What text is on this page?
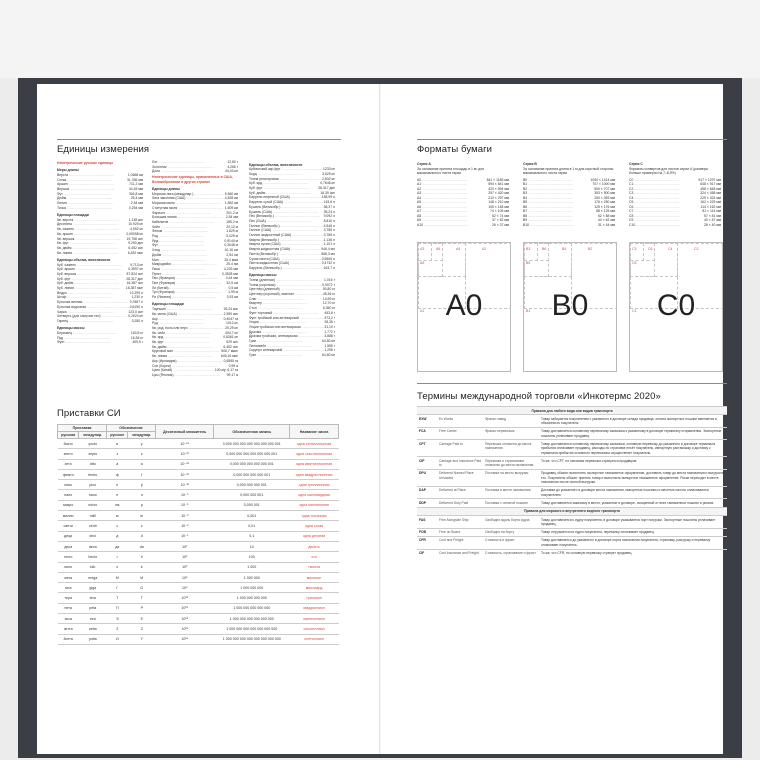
Единицы измерения
Неметрические русские единицы
Меры длины
Верста .....	1,0668 км
Сотка .....	31,336 мм
Аршин .....	711,2 мм
Вершок .....	44,45 мм
Фут .....	304,8 мм
Дюйм .....	25,4 мм
Линия .....	2,54 мм
Точка .....	0,254 мм
Единицы площади
Кв. верста .....	1,138 км²
Десятина .....	10,925 м²
Кв. сажень .....	4,552 м²
Кв. аршин .....	0,05058 м²
Кв. вершок .....	19,758 см²
Кв. фут .....	9,290 дм²
Кв. дюйм .....	6,452 см²
Кв. линия .....	6,452 мм²
Единицы объема, вместимости
Куб. сажень .....	9,713 м³
Куб. аршин .....	0,3597 м³
Куб. вершок .....	87,824 см³
Куб. фут .....	28,317 дм³
Куб. дюйм .....	16,387 см³
Куб. линия .....	16,387 мм³
Ведро .....	12,299 л
Штоф .....	1,230 л
Бутылка винная .....	0,7687 л
Бутылка водочная .....	0,6150 л
Чарка .....	123,0 см³
Четверть (для сыпучих тел) .....	0,2624 м³
Гарнец .....	3,280 л
Единицы массы
Берковец .....	163,8 кг
Пуд .....	16,38 кг
Фунт .....	409,5 г
Лот .....	12,80 г
Золотник .....	4,266 г
Доля .....	44,43 мг
Неметрические единицы, применяемые в США, Великобритании и других странах
Единицы длины
Морская лига (междунар.) .....	5,560 км
Лига законная (США) .....	4,828 км
Морская миля .....	1,852 км
Статутная миля .....	1,609 км
Фарлонг .....	201,2 м
Большая линия .....	2,54 мм
Кабельтов .....	185,2 м
Чейн .....	20,12 м
Фатом .....	1,829 м
Род .....	5,029 м
Ярд .....	0,9144 м
Фут .....	0,3048 м
Хэнд .....	10,16 см
Дюйм .....	2,54 см
Мил .....	25,4 мкм
Микродюйм .....	25,4 нм
Пика .....	4,233 мм
Пункт .....	0,3528 мм
Пик (Франция) .....	4,44 мм
Пие (Франция) .....	32,5 см
Ли (Китай) .....	0,5 км
Тун (Франция) .....	1,99 м
Ри (Япония) .....	3,93 км
Единицы площади
Тауншип .....	93,24 км²
Кв. миля (США) .....	2,590 км²
Акр .....	0,4047 га
Руд .....	1012 м²
Кв. род, поль или перч .....	25,29 м²
Кв. чейн .....	404,7 м²
Кв. ярд .....	0,8361 м²
Кв. фут .....	929 см²
Кв. дюйм .....	6,452 см²
Круговой мил .....	506,7 мкм²
Кв. линия .....	645,16 мм²
Акр (Ирландия) .....	0,6555 га
Сон (Корея) .....	0,99 а
Цзин (Китай) .....	100 му; 6,17 га
Цзы (Япония) .....	99,17 а
Единицы объема, вместимости
Кубический акр-фут .....	1233 м³
Корд .....	3,625 м³
Тонна регистровая .....	2,832 м³
Куб. ярд .....	0,7646 м³
Куб. фут .....	28,317 дм³
Куб. дюйм .....	16,39 см³
Баррель нефтяной (США) .....	158,99 л
Баррель сухой (США) .....	115,6 л
Бушель (Великобр.) .....	36,37 л
Бушель (США) .....	35,24 л
Пек (Великобр.) .....	9,092 л
Пек (США) .....	8,810 л
Галлон (Великобр.) .....	4,546 л
Галлон (США) .....	3,785 л
Галлон жидкостный (США) .....	3,785 л
Кварта (Великобр.) .....	1,136 л
Кварта сухая (США) .....	1,101 л
Кварта жидкостная (США) .....	946,4 мл
Пинта (Великобр.) .....	568,3 мл
Сухая пинта (США) .....	0,5506 л
Пинта жидкостная (США) .....	0,4732 л
Баррель (Великобр.) .....	163,7 л
Единицы массы
Тонна (длинная) .....	1,016 т
Тонна (короткая) .....	0,9072 т
Центнер (длинный) .....	50,80 кг
Центнер (короткий), квинтал .....	45,36 кг
Слаг .....	14,59 кг
Квартер .....	12,70 кг
Стон .....	6,350 кг
Фунт торговый .....	453,6 г
Фунт тройский или аптекарский .....	373,2 г
Унция .....	28,35 г
Унция тройская или аптекарская .....	31,10 г
Драхма .....	1,772 г
Драхма тройская, аптекарская .....	3,888 г
Гран .....	64,80 мг
Пеннивейт .....	1,555 г
Скрупул аптекарский .....	1,296 г
Грэн .....	64,80 мг
Приставки СИ
Приставка		Обозначение		Десятичный множитель	Обозначенная запись	Название числа
русская	междунар.	русское	междунар.			
йокто	yocto	и	y	10⁻²⁴	0,000 000 000 000 000 000 000 001	одна септиллионная
зепто	zepto	з	z	10⁻²¹	0,000 000 000 000 000 000 001	одна секстиллионная
атто	atto	а	a	10⁻¹⁸	0,000 000 000 000 000 001	одна квинтиллионная
фемто	femto	ф	f	10⁻¹⁵	0,000 000 000 000 001	одна квадриллионная
пико	pico	п	p	10⁻¹²	0,000 000 000 001	одна триллионная
нано	nano	н	n	10⁻⁹	0,000 000 001	одна миллиардная
микро	micro	мк	µ	10⁻⁶	0,000 001	одна миллионная
милли	milli	м	m	10⁻³	0,001	одна тысячная
санти	centi	с	c	10⁻²	0,01	одна сотая
деци	deci	д	d	10⁻¹	0,1	одна десятая
дека	deca	да	da	10¹	10	десять
гекто	hecto	г	h	10²	100	сто
кило	kilo	к	k	10³	1 000	тысяча
мега	mega	М	M	10⁶	1 000 000	миллион
гига	giga	Г	G	10⁹	1 000 000 000	миллиард
тера	tera	Т	T	10¹²	1 000 000 000 000	триллион
пета	peta	П	P	10¹⁵	1 000 000 000 000 000	квадриллион
экса	exa	Э	E	10¹⁸	1 000 000 000 000 000 000	квинтиллион
зетта	zetta	З	Z	10²¹	1 000 000 000 000 000 000 000	секстиллион
йотта	yotta	И	Y	10²⁴	1 000 000 000 000 000 000 000 000	септиллион
Форматы бумаги
Серия А
За основание принята площадь в 1 м² для максимального листа серии
A0 .....	841 × 1189 мм
A1 .....	594 × 841 мм
A2 .....	420 × 594 мм
A3 .....	297 × 420 мм
A4 .....	210 × 297 мм
A5 .....	148 × 210 мм
A6 .....	105 × 148 мм
A7 .....	74 × 105 мм
A8 .....	52 × 74 мм
A9 .....	37 × 52 мм
A10 .....	26 × 37 мм
A0
A1
A2
A3	A4
A5
A6
Серия В
За основание принята длина в 1 м для короткой стороны максимального листа серии
B0 .....	1000 × 1414 мм
B1 .....	707 × 1000 мм
B2 .....	500 × 707 мм
B3 .....	353 × 500 мм
B4 .....	250 × 353 мм
B5 .....	176 × 250 мм
B6 .....	125 × 176 мм
B7 .....	88 × 125 мм
B8 .....	62 × 88 мм
B9 .....	44 × 62 мм
B10 .....	31 × 44 мм
B0
B1
B2
B3	B4
B5
B6
Серия С
Форматы конвертов для листов серии А (размеры больше примерно на 7–8,5%)
C0 .....	917 × 1297 мм
C1 .....	648 × 917 мм
C2 .....	458 × 648 мм
C3 .....	324 × 458 мм
C4 .....	229 × 324 мм
C5 .....	162 × 229 мм
C6 .....	114 × 162 мм
C7 .....	81 × 114 мм
C8 .....	57 × 81 мм
C9 .....	40 × 57 мм
C10 .....	28 × 40 мм
C0
C1
C2
C3	C4
C5
C6
Термины международной торговли «Инкотермс 2020»
Правила для любого вида или видов транспорта			
EXW	Ex Works	Франко завод	Товар забирается покупателем с указанного в договоре склада продавца, оплата экспортных пошлин вменяется в обязанность покупателя.
FCA	Free Carrier	Франко перевозчик	Товар доставляется основному перевозчику заказчика к указанному в договоре терминалу отправления. Экспортные пошлины уплачивает продавец.
CPT	Carriage Paid to	Перевозка оплачена до места назначения	Товар доставляется основному перевозчику заказчика, основную перевозку до указанного в договоре терминала прибытия оплачивает продавец, расходы по страховке несёт покупатель, импортную растаможку и доставку с терминала прибытия основного перевозчика осуществляет покупатель.
CIP	Carriage and Insurance Paid to	Перевозка и страхование оплачены до места назначения	То же, что CPT, но основная перевозка страхуется продавцом.
DPU	Delivered Named Place Unloaded	Поставка на место выгрузки	Продавец обязан: выполнить экспортное таможенное оформление, доставить товар до места назначения и выгрузить его. Покупатель обязан: принять товар и выполнить импортное таможенное оформление. Риски переходят в месте назначения после полной выгрузки.
DAP	Delivered at Place	Поставка в месте назначения	Доставка до указанного в договоре места назначения, импортные пошлины и местные налоги оплачиваются покупателем.
DDP	Delivered Duty Paid	Поставка с оплатой пошлин	Товар доставляется заказчику в место, указанное в договоре, очищенный от всех таможенных пошлин и рисков.
Правила для морского и внутреннего водного транспорта			
FAS	Free Alongside Ship	Свободно вдоль борта судна	Товар доставляется к судну покупателя, в договоре указывается порт погрузки. Экспортные пошлины уплачивает продавец.
FOB	Free on Board	Свободно на борту	Товар отгружается на судно покупателя, перевалку оплачивает продавец.
CFR	Cost and Freight	Стоимость и фрахт	Товар доставляется до указанного в договоре порта назначения покупателя, страховку, разгрузку и перевалку оплачивает покупатель.
CIF	Cost Insurance and Freight	Стоимость, страхование и фрахт	То же, что CFR, но основную перевозку страхует продавец.
